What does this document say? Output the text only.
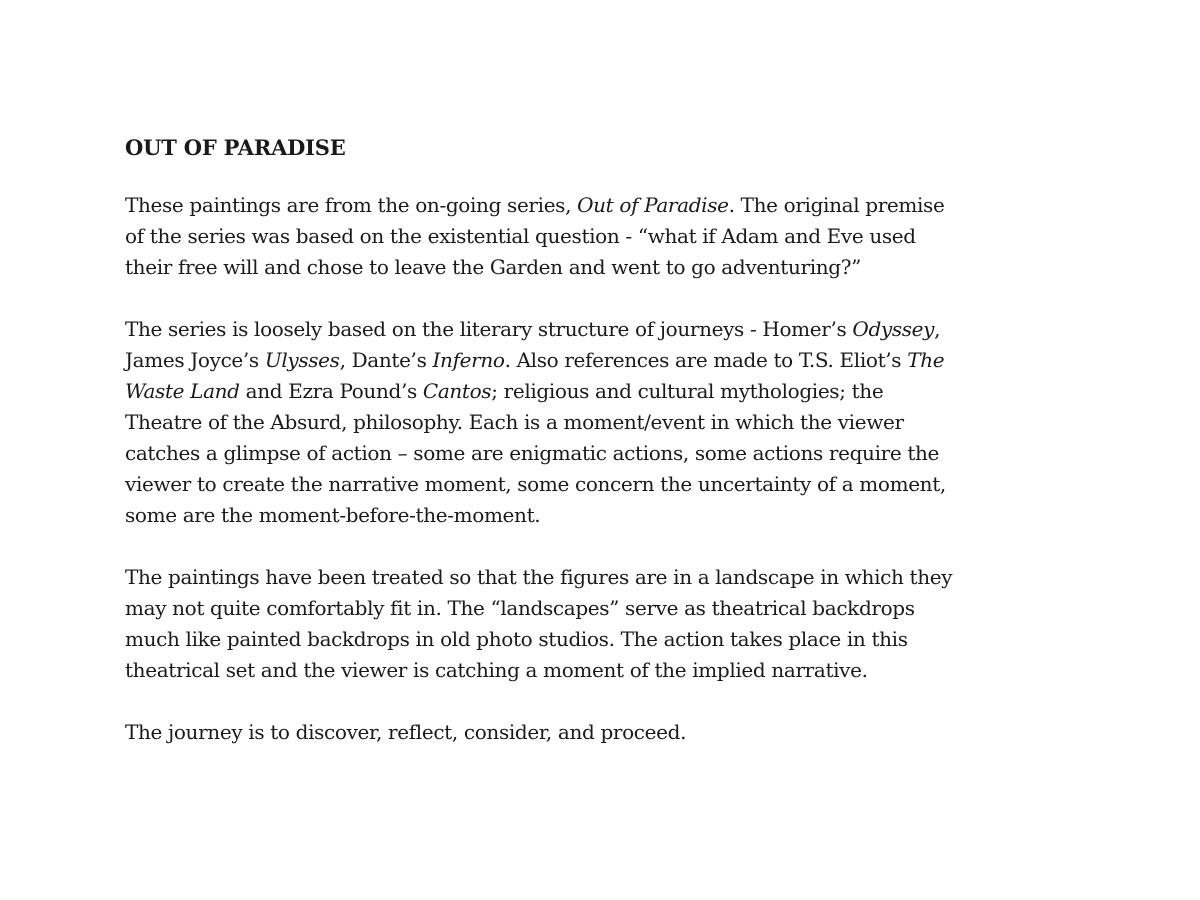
OUT OF PARADISE

These paintings are from the on-going series, Out of Paradise. The original premise
of the series was based on the existential question - “what if Adam and Eve used
their free will and chose to leave the Garden and went to go adventuring?”

The series is loosely based on the literary structure of journeys - Homer’s Odyssey,
James Joyce’s Ulysses, Dante’s Inferno. Also references are made to T.S. Eliot’s The
Waste Land and Ezra Pound’s Cantos; religious and cultural mythologies; the
Theatre of the Absurd, philosophy. Each is a moment/event in which the viewer
catches a glimpse of action – some are enigmatic actions, some actions require the
viewer to create the narrative moment, some concern the uncertainty of a moment,
some are the moment-before-the-moment.

The paintings have been treated so that the figures are in a landscape in which they
may not quite comfortably fit in. The “landscapes” serve as theatrical backdrops
much like painted backdrops in old photo studios. The action takes place in this
theatrical set and the viewer is catching a moment of the implied narrative.

The journey is to discover, reflect, consider, and proceed.
